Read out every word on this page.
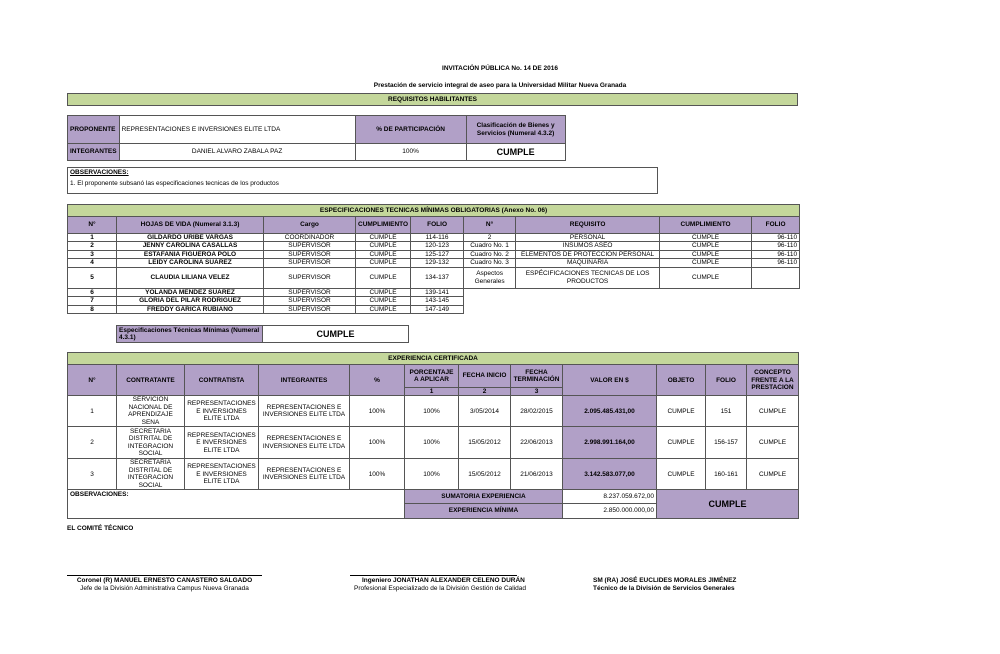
INVITACIÓN PÚBLICA No. 14 DE 2016
Prestación de servicio integral de aseo para la Universidad Militar Nueva Granada
REQUISITOS HABILITANTES
PROPONENTE	REPRESENTACIONES E INVERSIONES ELITE LTDA	% DE PARTICIPACIÓN	Clasificación de Bienes y Servicios (Numeral 4.3.2)
INTEGRANTES	DANIEL ALVARO ZABALA PAZ	100%	CUMPLE
OBSERVACIONES:
1. El proponente subsanó las especificaciones tecnicas de los productos
ESPECIFICACIONES TECNICAS MÍNIMAS OBLIGATORIAS (Anexo No. 06)								
N°	HOJAS DE VIDA (Numeral 3.1.3)	Cargo	CUMPLIMIENTO	FOLIO	N°	REQUISITO	CUMPLIMIENTO	FOLIO
1	GILDARDO URIBE VARGAS	COORDINADOR	CUMPLE	114-116	2	PERSONAL	CUMPLE	96-110
2	JENNY CAROLINA CASALLAS	SUPERVISOR	CUMPLE	120-123	Cuadro No. 1	INSUMOS ASEO	CUMPLE	96-110
3	ESTAFANIA FIGUEROA POLO	SUPERVISOR	CUMPLE	125-127	Cuadro No. 2	ELEMENTOS DE PROTECCION PERSONAL	CUMPLE	96-110
4	LEIDY CAROLINA SUAREZ	SUPERVISOR	CUMPLE	129-132	Cuadro No. 3	MAQUINARIA	CUMPLE	96-110
5	CLAUDIA LILIANA VELEZ	SUPERVISOR	CUMPLE	134-137	Aspectos Generales	ESPÉCIFICACIONES TECNICAS DE LOS PRODUCTOS	CUMPLE	
6	YOLANDA MENDEZ SUAREZ	SUPERVISOR	CUMPLE	139-141				
7	GLORIA DEL PILAR RODRIGUEZ	SUPERVISOR	CUMPLE	143-145				
8	FREDDY GARICA RUBIANO	SUPERVISOR	CUMPLE	147-149				
Especificaciones Técnicas Mínimas (Numeral 4.3.1)	CUMPLE
EXPERIENCIA CERTIFICADA											
N°	CONTRATANTE	CONTRATISTA	INTEGRANTES	%	PORCENTAJE A APLICAR	FECHA INICIO	FECHA TERMINACIÓN	VALOR EN $	OBJETO	FOLIO	CONCEPTO FRENTE A LA PRESTACION
					1	2	3				
1	SERVICION NACIONAL DE APRENDIZAJE SENA	REPRESENTACIONES E INVERSIONES ELITE LTDA	REPRESENTACIONES E INVERSIONES ELITE LTDA	100%	100%	3/05/2014	28/02/2015	2.095.485.431,00	CUMPLE	151	CUMPLE
2	SECRETARIA DISTRITAL DE INTEGRACION SOCIAL	REPRESENTACIONES E INVERSIONES ELITE LTDA	REPRESENTACIONES E INVERSIONES ELITE LTDA	100%	100%	15/05/2012	22/06/2013	2.998.991.164,00	CUMPLE	156-157	CUMPLE
3	SECRETARIA DISTRITAL DE INTEGRACION SOCIAL	REPRESENTACIONES E INVERSIONES ELITE LTDA	REPRESENTACIONES E INVERSIONES ELITE LTDA	100%	100%	15/05/2012	21/06/2013	3.142.583.077,00	CUMPLE	160-161	CUMPLE
OBSERVACIONES:					SUMATORIA EXPERIENCIA			8.237.059.672,00	CUMPLE		
					EXPERIENCIA MÍNIMA			2.850.000.000,00			
EL COMITÉ TÉCNICO
Coronel (R) MANUEL ERNESTO CANASTERO SALGADO
Jefe de la División Administrativa Campus Nueva Granada
Ingeniero JONATHAN ALEXANDER CELENO DURÁN
Profesional Especializado de la División Gestión de Calidad
SM (RA) JOSÉ EUCLIDES MORALES JIMÉNEZ
Técnico de la División de Servicios Generales
